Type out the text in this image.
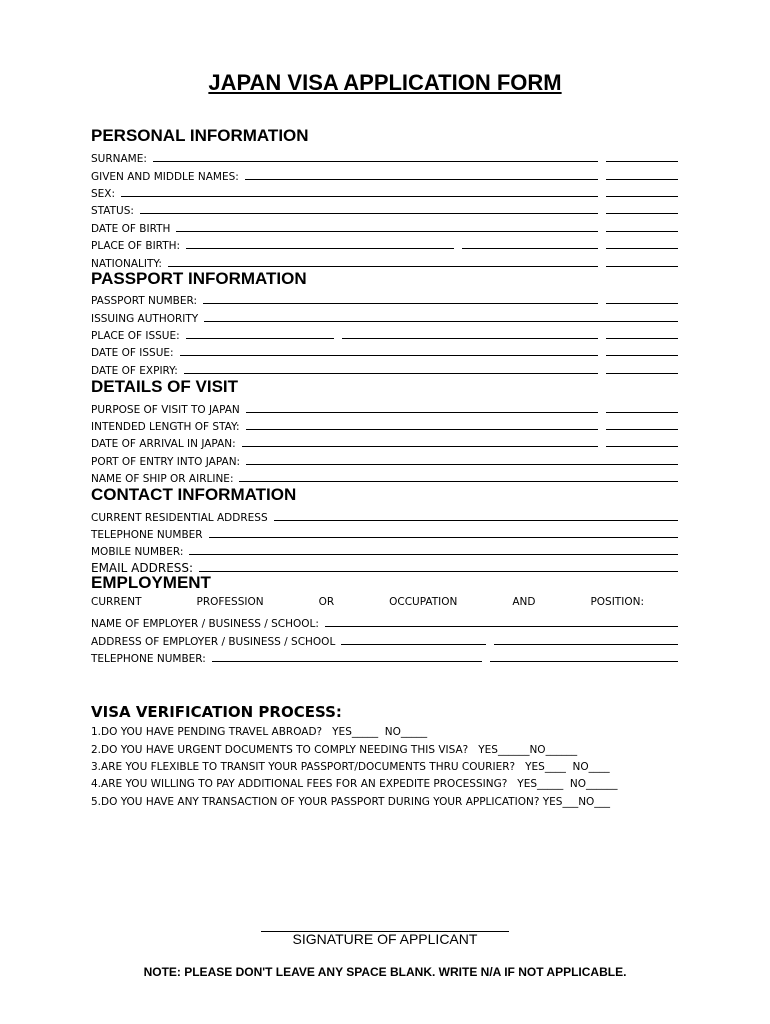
JAPAN VISA APPLICATION FORM
PERSONAL INFORMATION
SURNAME:
GIVEN AND MIDDLE NAMES:
SEX:
STATUS:
DATE OF BIRTH
PLACE OF BIRTH:
NATIONALITY:
PASSPORT INFORMATION
PASSPORT NUMBER:
ISSUING AUTHORITY
PLACE OF ISSUE:
DATE OF ISSUE:
DATE OF EXPIRY:
DETAILS OF VISIT
PURPOSE OF VISIT TO JAPAN
INTENDED LENGTH OF STAY:
DATE OF ARRIVAL IN JAPAN:
PORT OF ENTRY INTO JAPAN:
NAME OF SHIP OR AIRLINE:
CONTACT INFORMATION
CURRENT RESIDENTIAL ADDRESS
TELEPHONE NUMBER
MOBILE NUMBER:
EMAIL ADDRESS:
EMPLOYMENT
CURRENT	PROFESSION	OR	OCCUPATION	AND	POSITION:
NAME OF EMPLOYER / BUSINESS / SCHOOL:
ADDRESS OF EMPLOYER / BUSINESS / SCHOOL
TELEPHONE NUMBER:
VISA VERIFICATION PROCESS:
1.DO YOU HAVE PENDING TRAVEL ABROAD?   YES_____  NO_____
2.DO YOU HAVE URGENT DOCUMENTS TO COMPLY NEEDING THIS VISA?   YES______NO______
3.ARE YOU FLEXIBLE TO TRANSIT YOUR PASSPORT/DOCUMENTS THRU COURIER?   YES____  NO____
4.ARE YOU WILLING TO PAY ADDITIONAL FEES FOR AN EXPEDITE PROCESSING?   YES_____  NO______
5.DO YOU HAVE ANY TRANSACTION OF YOUR PASSPORT DURING YOUR APPLICATION? YES___NO___
SIGNATURE OF APPLICANT
NOTE: PLEASE DON'T LEAVE ANY SPACE BLANK. WRITE N/A IF NOT APPLICABLE.
